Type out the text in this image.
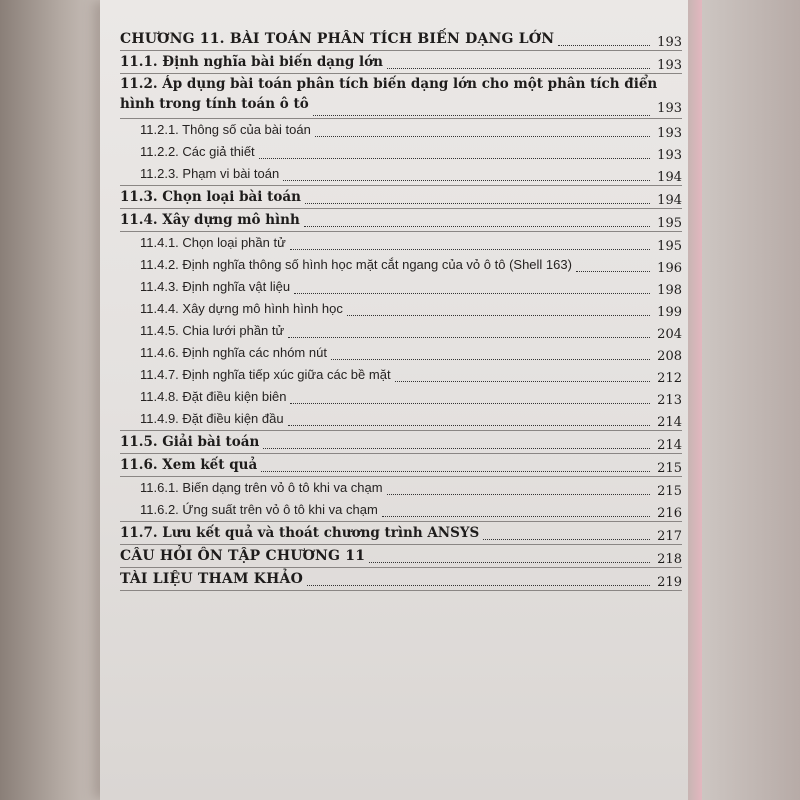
CHƯƠNG 11. BÀI TOÁN PHÂN TÍCH BIẾN DẠNG LỚN	193
11.1. Định nghĩa bài biến dạng lớn	193
11.2. Áp dụng bài toán phân tích biến dạng lớn cho một phân tích điển hình trong tính toán ô tô	193
11.2.1. Thông số của bài toán	193
11.2.2. Các giả thiết	193
11.2.3. Phạm vi bài toán	194
11.3. Chọn loại bài toán	194
11.4. Xây dựng mô hình	195
11.4.1. Chọn loại phần tử	195
11.4.2. Định nghĩa thông số hình học mặt cắt ngang của vỏ ô tô (Shell 163)	196
11.4.3. Định nghĩa vật liệu	198
11.4.4. Xây dựng mô hình hình học	199
11.4.5. Chia lưới phần tử	204
11.4.6. Định nghĩa các nhóm nút	208
11.4.7. Định nghĩa tiếp xúc giữa các bề mặt	212
11.4.8. Đặt điều kiện biên	213
11.4.9. Đặt điều kiện đầu	214
11.5. Giải bài toán	214
11.6. Xem kết quả	215
11.6.1. Biến dạng trên vỏ ô tô khi va chạm	215
11.6.2. Ứng suất trên vỏ ô tô khi va chạm	216
11.7. Lưu kết quả và thoát chương trình ANSYS	217
CÂU HỎI ÔN TẬP CHƯƠNG 11	218
TÀI LIỆU THAM KHẢO	219
